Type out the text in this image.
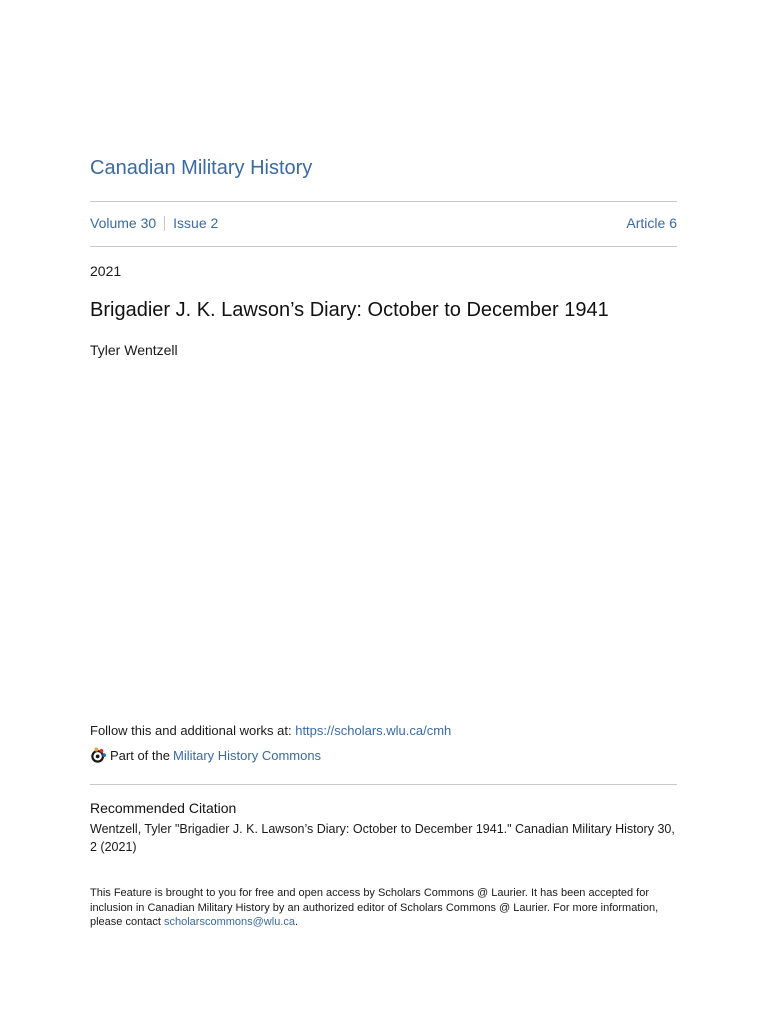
Canadian Military History
Volume 30 Issue 2	Article 6
2021
Brigadier J. K. Lawson’s Diary: October to December 1941
Tyler Wentzell
Follow this and additional works at: https://scholars.wlu.ca/cmh
Part of the Military History Commons
Recommended Citation
Wentzell, Tyler "Brigadier J. K. Lawson’s Diary: October to December 1941." Canadian Military History 30, 2 (2021)
This Feature is brought to you for free and open access by Scholars Commons @ Laurier. It has been accepted for inclusion in Canadian Military History by an authorized editor of Scholars Commons @ Laurier. For more information, please contact scholarscommons@wlu.ca.
